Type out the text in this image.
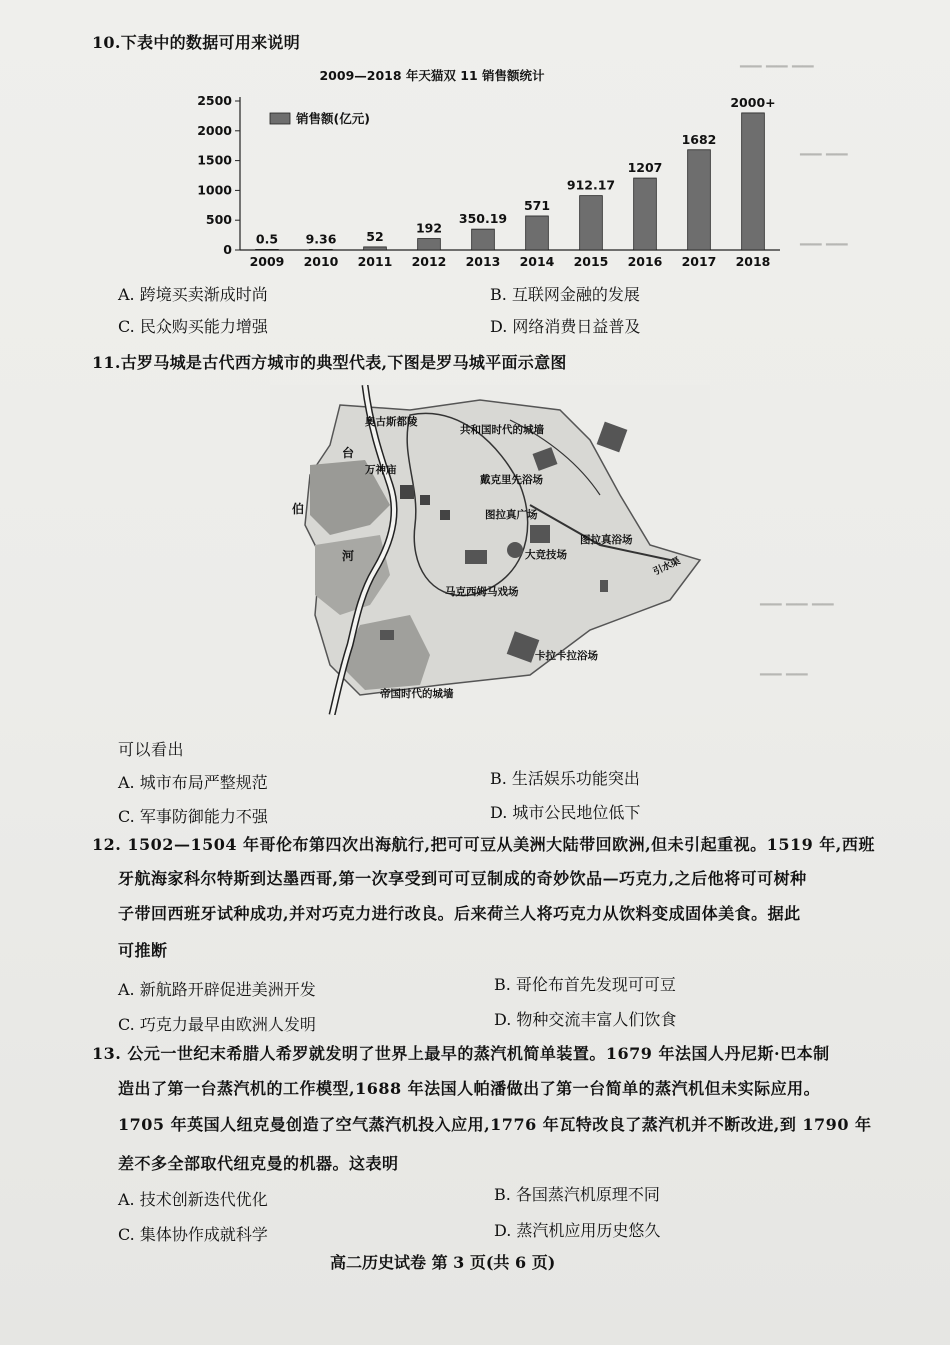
▁▁ ▁▁ ▁▁
▁▁ ▁▁
▁▁ ▁▁
▁▁ ▁▁ ▁▁
▁▁ ▁▁
10.下表中的数据可用来说明
2009—2018 年天猫双 11 销售额统计
0
500
1000
1500
2000
2500
0.5 9.36 52
192
350.19
571
912.17
1207
1682
2000+
2009 2010 2011 2012 2013 2014 2015 2016 2017 2018
销售额(亿元)
A. 跨境买卖渐成时尚	B. 互联网金融的发展
C. 民众购买能力增强	D. 网络消费日益普及
11.古罗马城是古代西方城市的典型代表,下图是罗马城平面示意图
奥古斯都陵
共和国时代的城墙
万神庙
戴克里先浴场
图拉真广场
图拉真浴场
大竞技场
马克西姆马戏场
卡拉卡拉浴场
帝国时代的城墙
引水渠
台
伯
河
可以看出
A. 城市布局严整规范	B. 生活娱乐功能突出
C. 军事防御能力不强	D. 城市公民地位低下
12. 1502—1504 年哥伦布第四次出海航行,把可可豆从美洲大陆带回欧洲,但未引起重视。1519 年,西班
牙航海家科尔特斯到达墨西哥,第一次享受到可可豆制成的奇妙饮品—巧克力,之后他将可可树种
子带回西班牙试种成功,并对巧克力进行改良。后来荷兰人将巧克力从饮料变成固体美食。据此
可推断
A. 新航路开辟促进美洲开发	B. 哥伦布首先发现可可豆
C. 巧克力最早由欧洲人发明	D. 物种交流丰富人们饮食
13. 公元一世纪末希腊人希罗就发明了世界上最早的蒸汽机简单装置。1679 年法国人丹尼斯·巴本制
造出了第一台蒸汽机的工作模型,1688 年法国人帕潘做出了第一台简单的蒸汽机但未实际应用。
1705 年英国人纽克曼创造了空气蒸汽机投入应用,1776 年瓦特改良了蒸汽机并不断改进,到 1790 年
差不多全部取代纽克曼的机器。这表明
A. 技术创新迭代优化	B. 各国蒸汽机原理不同
C. 集体协作成就科学	D. 蒸汽机应用历史悠久
高二历史试卷 第 3 页(共 6 页)
